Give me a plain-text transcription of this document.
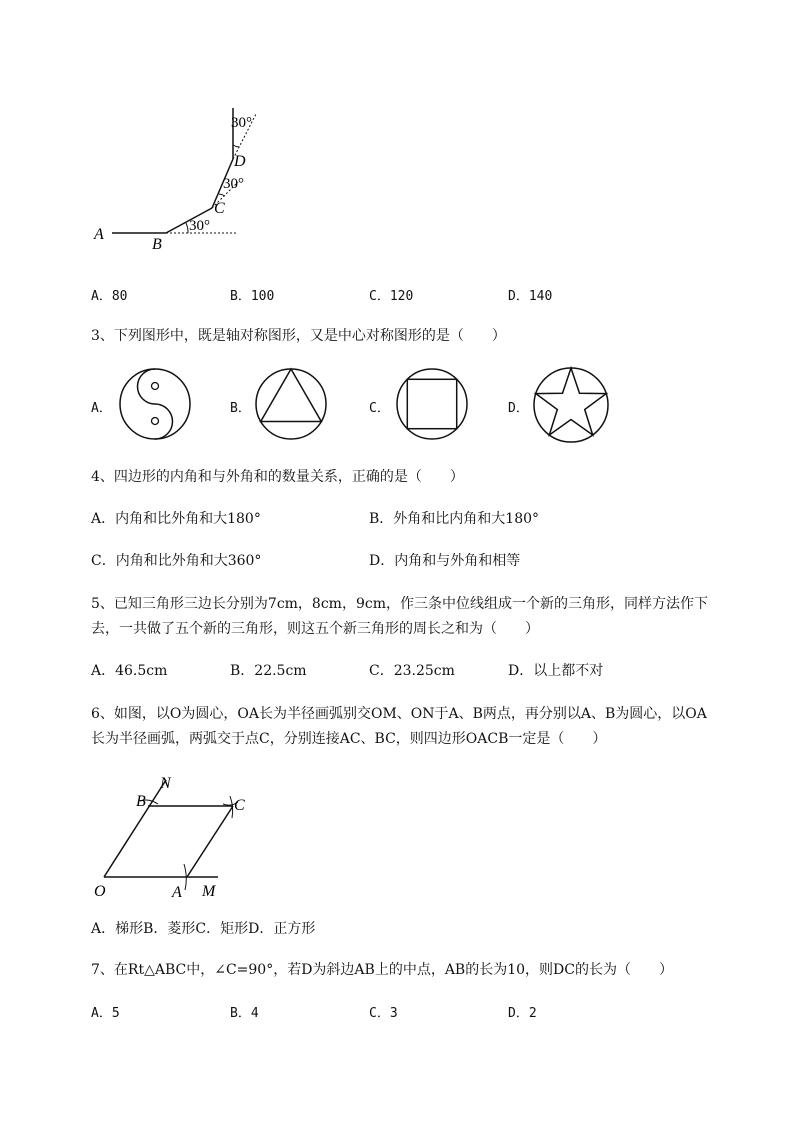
A
B
C
D
30°
30°
30°
A．80	B．100	C．120	D．140
3、下列图形中，既是轴对称图形，又是中心对称图形的是（　　）
A．	B．	C．	D．
4、四边形的内角和与外角和的数量关系，正确的是（　　）
A．内角和比外角和大180°	B．外角和比内角和大180°
C．内角和比外角和大360°	D．内角和与外角和相等
5、已知三角形三边长分别为7cm，8cm，9cm，作三条中位线组成一个新的三角形，同样方法作下
去，一共做了五个新的三角形，则这五个新三角形的周长之和为（　　）
A．46.5cm	B．22.5cm	C．23.25cm	D．以上都不对
6、如图，以O为圆心，OA长为半径画弧别交OM、ON于A、B两点，再分别以A、B为圆心，以OA
长为半径画弧，两弧交于点C，分别连接AC、BC，则四边形OACB一定是（　　）
O	A M
B
N
C
A．梯形B．菱形C．矩形D．正方形
7、在Rt△ABC中，∠C=90°，若D为斜边AB上的中点，AB的长为10，则DC的长为（　　）
A．5	B．4	C．3	D．2
